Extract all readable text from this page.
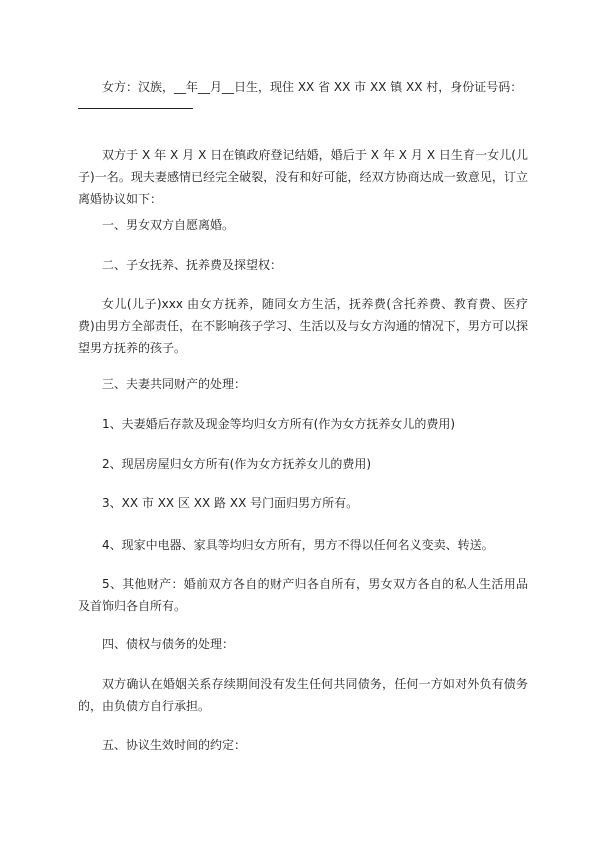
女方：汉族，__年__月__日生，现住 XX 省 XX 市 XX 镇 XX 村，身份证号码：

双方于 X 年 X 月 X 日在镇政府登记结婚，婚后于 X 年 X 月 X 日生育一女儿(儿子)一名。现夫妻感情已经完全破裂，没有和好可能，经双方协商达成一致意见，订立离婚协议如下：

一、男女双方自愿离婚。

二、子女抚养、抚养费及探望权：

女儿(儿子)xxx 由女方抚养，随同女方生活，抚养费(含托养费、教育费、医疗费)由男方全部责任，在不影响孩子学习、生活以及与女方沟通的情况下，男方可以探望男方抚养的孩子。

三、夫妻共同财产的处理：

1、夫妻婚后存款及现金等均归女方所有(作为女方抚养女儿的费用)

2、现居房屋归女方所有(作为女方抚养女儿的费用)

3、XX 市 XX 区 XX 路 XX 号门面归男方所有。

4、现家中电器、家具等均归女方所有，男方不得以任何名义变卖、转送。

5、其他财产：婚前双方各自的财产归各自所有，男女双方各自的私人生活用品及首饰归各自所有。

四、债权与债务的处理：

双方确认在婚姻关系存续期间没有发生任何共同债务，任何一方如对外负有债务的，由负债方自行承担。

五、协议生效时间的约定：
